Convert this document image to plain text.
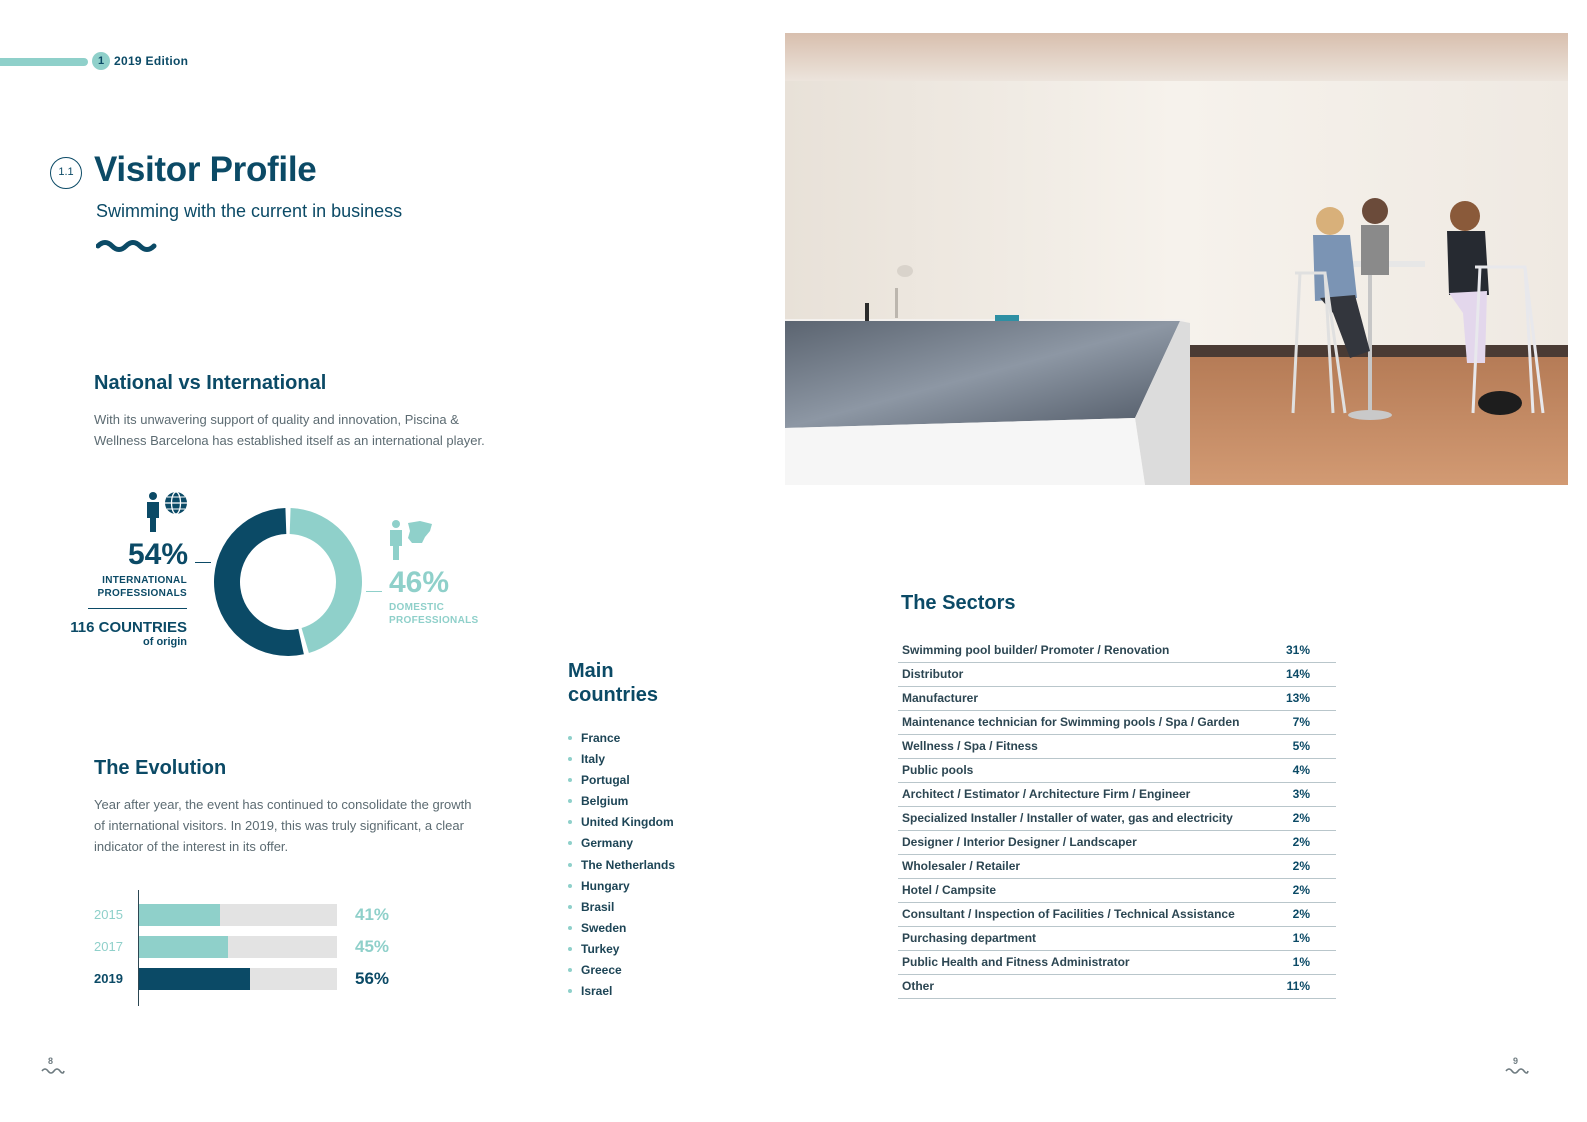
1 2019 Edition
1.1 Visitor Profile
Swimming with the current in business
National vs International

With its unwavering support of quality and innovation, Piscina &
Wellness Barcelona has established itself as an international player.

54%
INTERNATIONAL
PROFESSIONALS
116 COUNTRIES
of origin
46%
DOMESTIC
PROFESSIONALS
The Evolution

Year after year, the event has continued to consolidate the growth
of international visitors. In 2019, this was truly significant, a clear
indicator of the interest in its offer.

2015	41%
2017	45%
2019	56%
Main
countries
France
Italy
Portugal
Belgium
United Kingdom
Germany
The Netherlands
Hungary
Brasil
Sweden
Turkey
Greece
Israel
The Sectors
Swimming pool builder/ Promoter / Renovation	31%
Distributor	14%
Manufacturer	13%
Maintenance technician for Swimming pools / Spa / Garden	7%
Wellness / Spa / Fitness	5%
Public pools	4%
Architect / Estimator / Architecture Firm / Engineer	3%
Specialized Installer / Installer of water, gas and electricity	2%
Designer / Interior Designer / Landscaper	2%
Wholesaler / Retailer	2%
Hotel / Campsite	2%
Consultant / Inspection of Facilities / Technical Assistance	2%
Purchasing department	1%
Public Health and Fitness Administrator	1%
Other	11%
8	9
